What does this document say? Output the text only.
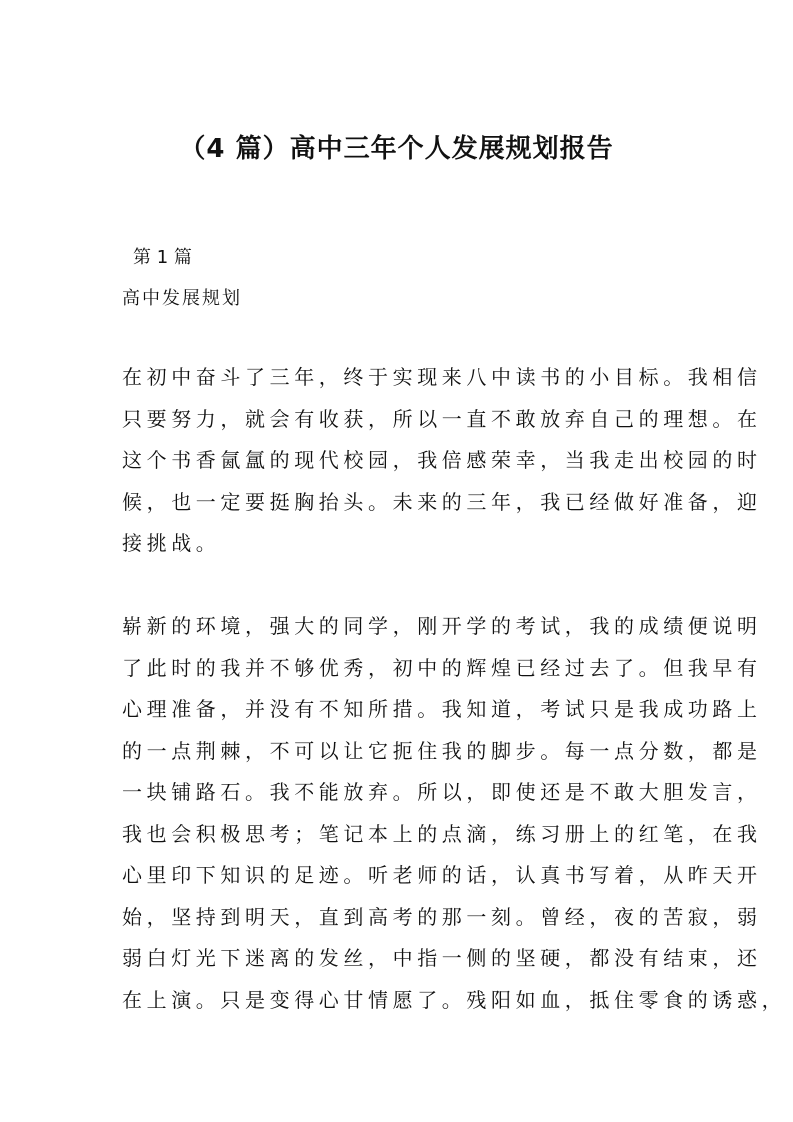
（4 篇）高中三年个人发展规划报告
第 1 篇
高中发展规划
在初中奋斗了三年，终于实现来八中读书的小目标。我相信
只要努力，就会有收获，所以一直不敢放弃自己的理想。在
这个书香氤氲的现代校园，我倍感荣幸，当我走出校园的时
候，也一定要挺胸抬头。未来的三年，我已经做好准备，迎
接挑战。
崭新的环境，强大的同学，刚开学的考试，我的成绩便说明
了此时的我并不够优秀，初中的辉煌已经过去了。但我早有
心理准备，并没有不知所措。我知道，考试只是我成功路上
的一点荆棘，不可以让它扼住我的脚步。每一点分数，都是
一块铺路石。我不能放弃。所以，即使还是不敢大胆发言，
我也会积极思考；笔记本上的点滴，练习册上的红笔，在我
心里印下知识的足迹。听老师的话，认真书写着，从昨天开
始，坚持到明天，直到高考的那一刻。曾经，夜的苦寂，弱
弱白灯光下迷离的发丝，中指一侧的坚硬，都没有结束，还
在上演。只是变得心甘情愿了。残阳如血，抵住零食的诱惑，
